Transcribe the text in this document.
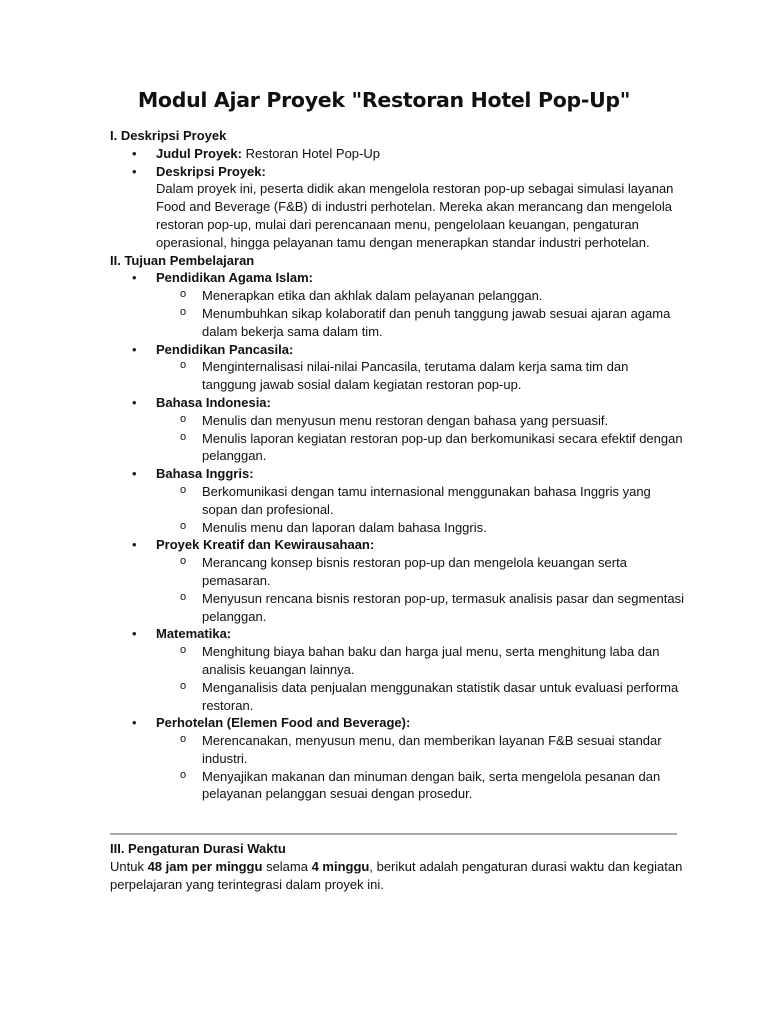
Modul Ajar Proyek "Restoran Hotel Pop-Up"
I. Deskripsi Proyek
• Judul Proyek: Restoran Hotel Pop-Up
• Deskripsi Proyek:
Dalam proyek ini, peserta didik akan mengelola restoran pop-up sebagai simulasi layanan Food and Beverage (F&B) di industri perhotelan. Mereka akan merancang dan mengelola restoran pop-up, mulai dari perencanaan menu, pengelolaan keuangan, pengaturan operasional, hingga pelayanan tamu dengan menerapkan standar industri perhotelan.
II. Tujuan Pembelajaran
• Pendidikan Agama Islam:
o Menerapkan etika dan akhlak dalam pelayanan pelanggan.
o Menumbuhkan sikap kolaboratif dan penuh tanggung jawab sesuai ajaran agama dalam bekerja sama dalam tim.
• Pendidikan Pancasila:
o Menginternalisasi nilai-nilai Pancasila, terutama dalam kerja sama tim dan tanggung jawab sosial dalam kegiatan restoran pop-up.
• Bahasa Indonesia:
o Menulis dan menyusun menu restoran dengan bahasa yang persuasif.
o Menulis laporan kegiatan restoran pop-up dan berkomunikasi secara efektif dengan pelanggan.
• Bahasa Inggris:
o Berkomunikasi dengan tamu internasional menggunakan bahasa Inggris yang sopan dan profesional.
o Menulis menu dan laporan dalam bahasa Inggris.
• Proyek Kreatif dan Kewirausahaan:
o Merancang konsep bisnis restoran pop-up dan mengelola keuangan serta pemasaran.
o Menyusun rencana bisnis restoran pop-up, termasuk analisis pasar dan segmentasi pelanggan.
• Matematika:
o Menghitung biaya bahan baku dan harga jual menu, serta menghitung laba dan analisis keuangan lainnya.
o Menganalisis data penjualan menggunakan statistik dasar untuk evaluasi performa restoran.
• Perhotelan (Elemen Food and Beverage):
o Merencanakan, menyusun menu, dan memberikan layanan F&B sesuai standar industri.
o Menyajikan makanan dan minuman dengan baik, serta mengelola pesanan dan pelayanan pelanggan sesuai dengan prosedur.
III. Pengaturan Durasi Waktu
Untuk 48 jam per minggu selama 4 minggu, berikut adalah pengaturan durasi waktu dan kegiatan perpelajaran yang terintegrasi dalam proyek ini.
